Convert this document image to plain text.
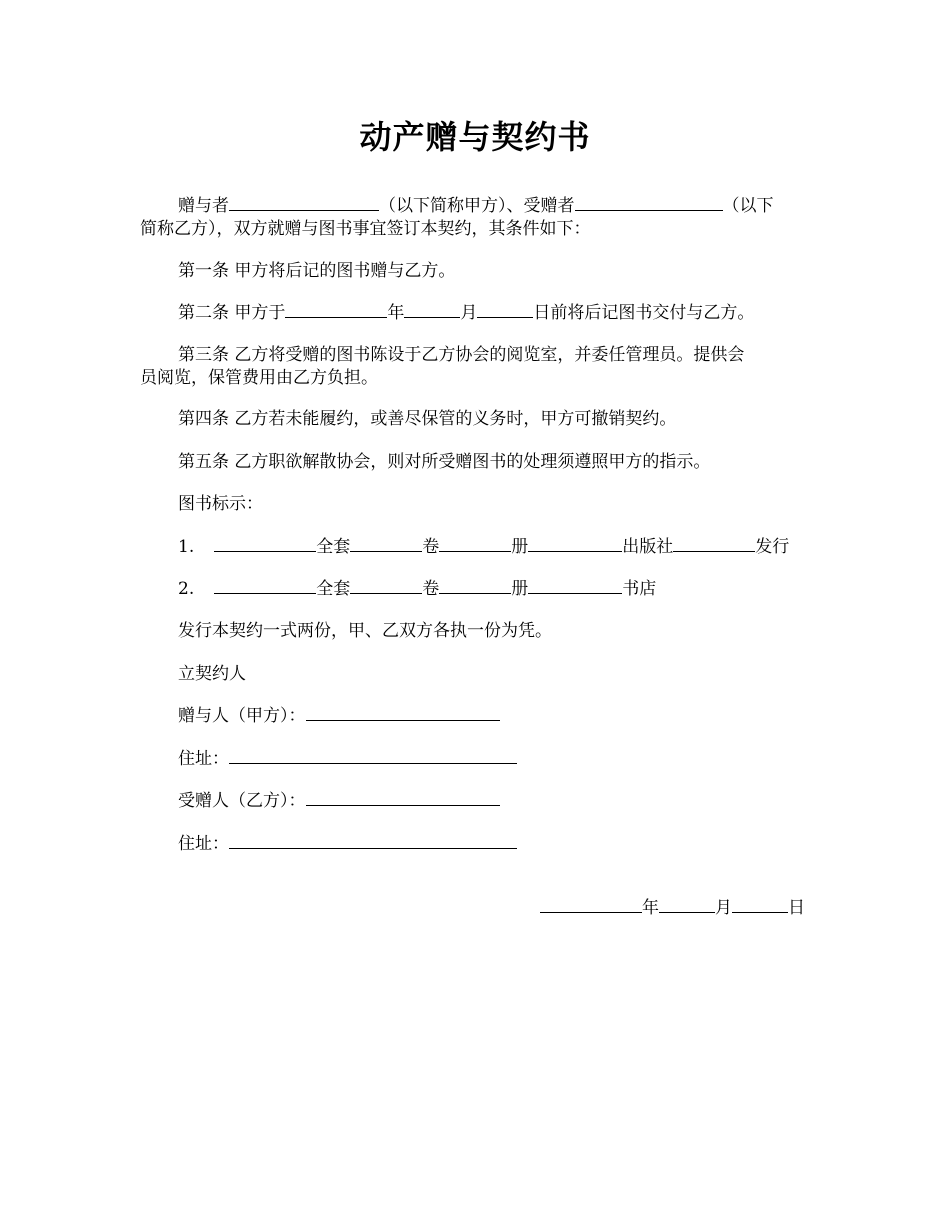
动产赠与契约书
赠与者	（以下简称甲方）、受赠者	（以下
简称乙方），双方就赠与图书事宜签订本契约，其条件如下：
第一条 甲方将后记的图书赠与乙方。
第二条 甲方于	年	月	日前将后记图书交付与乙方。
第三条 乙方将受赠的图书陈设于乙方协会的阅览室，并委任管理员。提供会
员阅览，保管费用由乙方负担。
第四条 乙方若未能履约，或善尽保管的义务时，甲方可撤销契约。
第五条 乙方职欲解散协会，则对所受赠图书的处理须遵照甲方的指示。
图书标示：
1.	全套	卷	册	出版社	发行
2.	全套	卷	册	书店
发行本契约一式两份，甲、乙双方各执一份为凭。
立契约人
赠与人（甲方）：
住址：
受赠人（乙方）：
住址：
年	月	日
